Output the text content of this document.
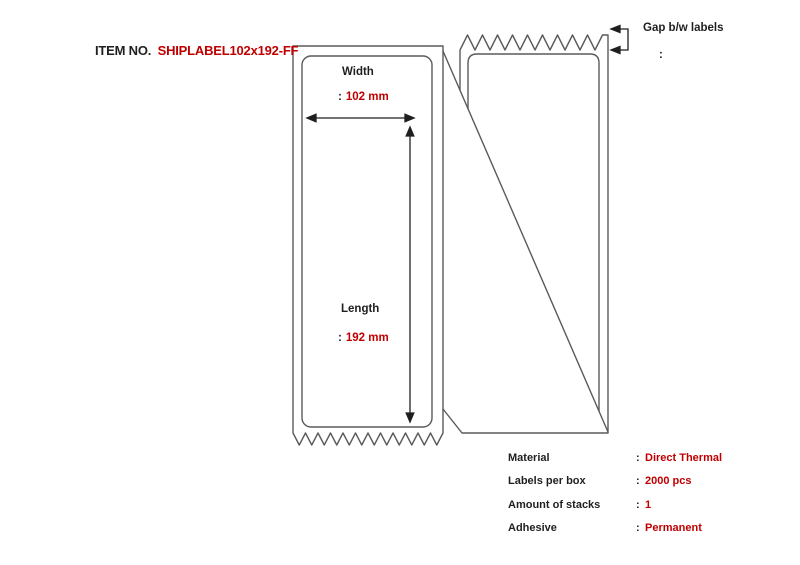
ITEM NO. SHIPLABEL102x192-FF
Width
: 102 mm
Length
: 192 mm
Gap b/w labels
:
Material	: Direct Thermal
Labels per box	: 2000 pcs
Amount of stacks	: 1
Adhesive	: Permanent
